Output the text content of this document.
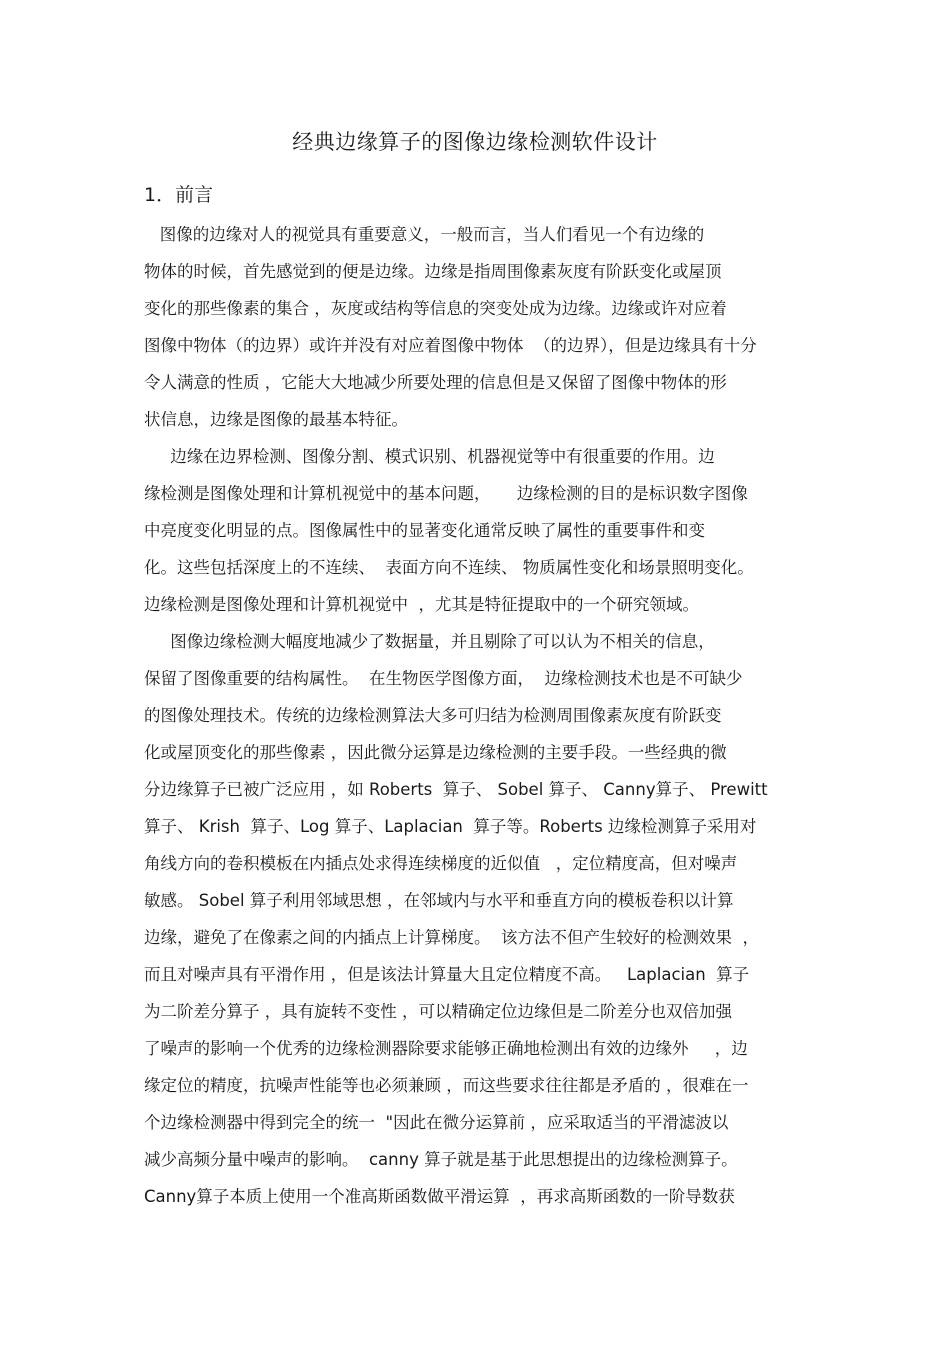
经典边缘算子的图像边缘检测软件设计
1．前言
图像的边缘对人的视觉具有重要意义，一般而言，当人们看见一个有边缘的
物体的时候，首先感觉到的便是边缘。边缘是指周围像素灰度有阶跃变化或屋顶
变化的那些像素的集合 ，灰度或结构等信息的突变处成为边缘。边缘或许对应着
图像中物体（的边界）或许并没有对应着图像中物体  （的边界），但是边缘具有十分
令人满意的性质 ，它能大大地减少所要处理的信息但是又保留了图像中物体的形
状信息，边缘是图像的最基本特征。
边缘在边界检测、图像分割、模式识别、机器视觉等中有很重要的作用。边
缘检测是图像处理和计算机视觉中的基本问题，     边缘检测的目的是标识数字图像
中亮度变化明显的点。图像属性中的显著变化通常反映了属性的重要事件和变
化。这些包括深度上的不连续、  表面方向不连续、 物质属性变化和场景照明变化。
边缘检测是图像处理和计算机视觉中  ，尤其是特征提取中的一个研究领域。
图像边缘检测大幅度地减少了数据量，并且剔除了可以认为不相关的信息，
保留了图像重要的结构属性。  在生物医学图像方面，  边缘检测技术也是不可缺少
的图像处理技术。传统的边缘检测算法大多可归结为检测周围像素灰度有阶跃变
化或屋顶变化的那些像素 ，因此微分运算是边缘检测的主要手段。一些经典的微
分边缘算子已被广泛应用 ，如 Roberts  算子、 Sobel 算子、 Canny算子、 Prewitt
算子、 Krish  算子、Log 算子、Laplacian  算子等。Roberts 边缘检测算子采用对
角线方向的卷积模板在内插点处求得连续梯度的近似值   ，定位精度高，但对噪声
敏感。 Sobel 算子利用邻域思想 ，在邻域内与水平和垂直方向的模板卷积以计算
边缘，避免了在像素之间的内插点上计算梯度。  该方法不但产生较好的检测效果  ，
而且对噪声具有平滑作用 ，但是该法计算量大且定位精度不高。   Laplacian  算子
为二阶差分算子 ，具有旋转不变性 ，可以精确定位边缘但是二阶差分也双倍加强
了噪声的影响一个优秀的边缘检测器除要求能够正确地检测出有效的边缘外     ，边
缘定位的精度，抗噪声性能等也必须兼顾 ，而这些要求往往都是矛盾的 ，很难在一
个边缘检测器中得到完全的统一  "因此在微分运算前 ，应采取适当的平滑滤波以
减少高频分量中噪声的影响。  canny 算子就是基于此思想提出的边缘检测算子。
Canny算子本质上使用一个准高斯函数做平滑运算  ，再求高斯函数的一阶导数获
